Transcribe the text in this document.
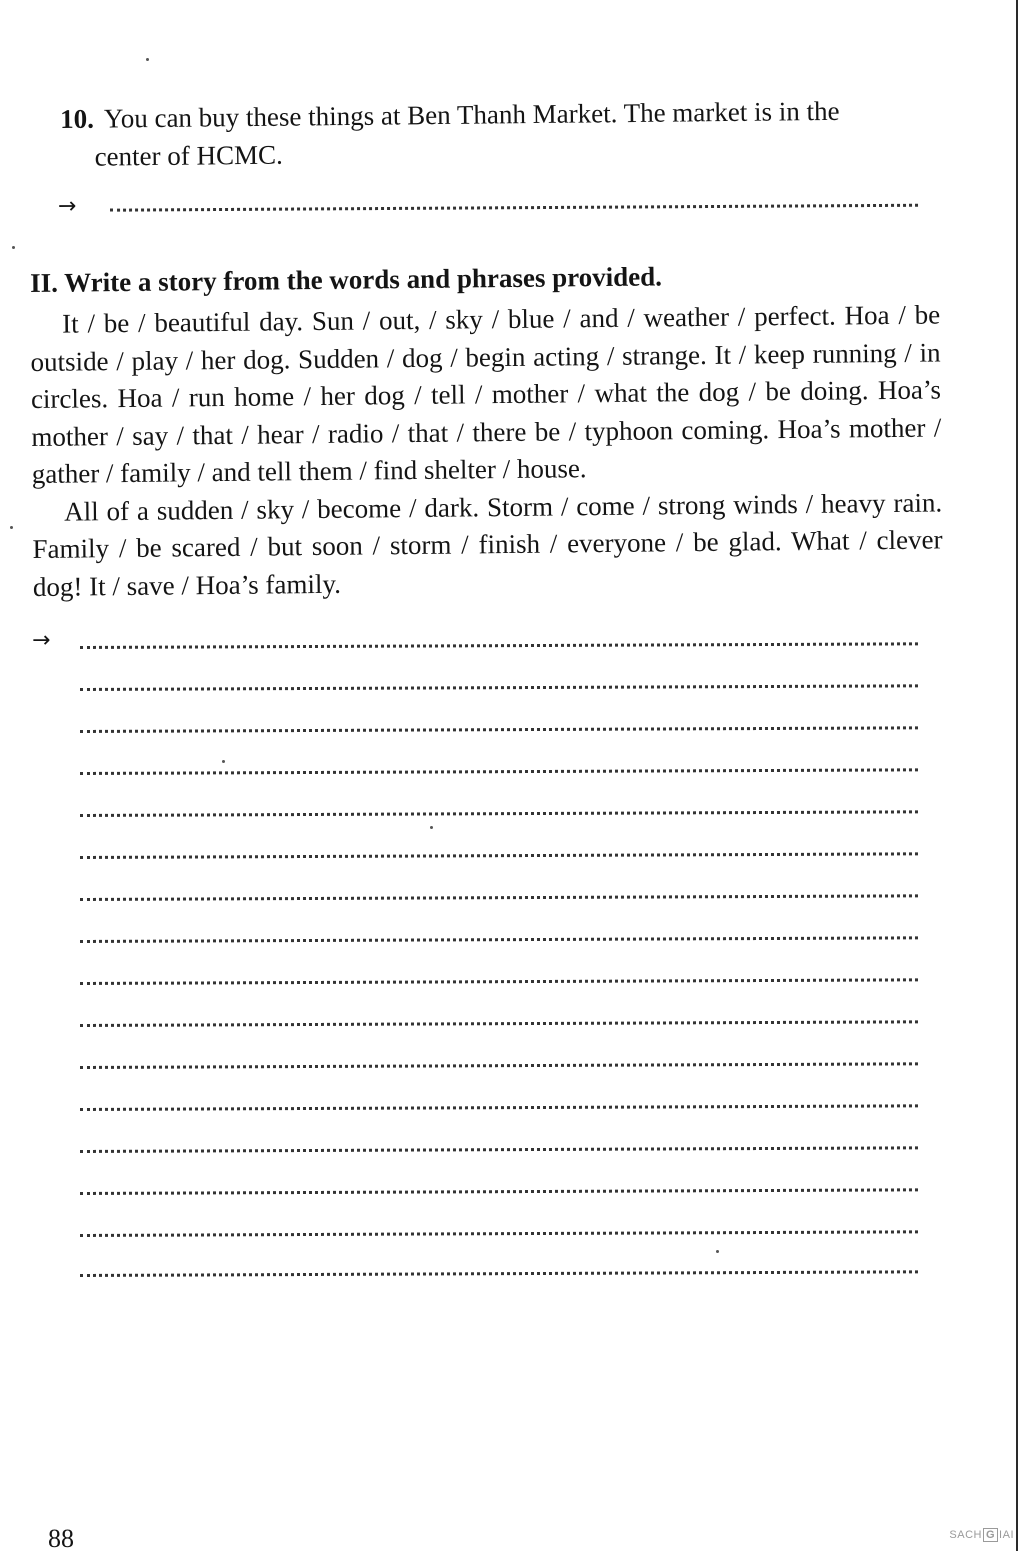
10. You can buy these things at Ben Thanh Market. The market is in the
center of HCMC.
→
II. Write a story from the words and phrases provided.

It / be / beautiful day. Sun / out, / sky / blue / and / weather / perfect. Hoa / be outside / play / her dog. Sudden / dog / begin acting / strange. It / keep running / in circles. Hoa / run home / her dog / tell / mother / what the dog / be doing. Hoa’s mother / say / that / hear / radio / that / there be / typhoon coming. Hoa’s mother / gather / family / and tell them / find shelter / house.

All of a sudden / sky / become / dark. Storm / come / strong winds / heavy rain. Family / be scared / but soon / storm / finish / everyone / be glad. What / clever dog! It / save / Hoa’s family.

→
88	SACH G IAI
